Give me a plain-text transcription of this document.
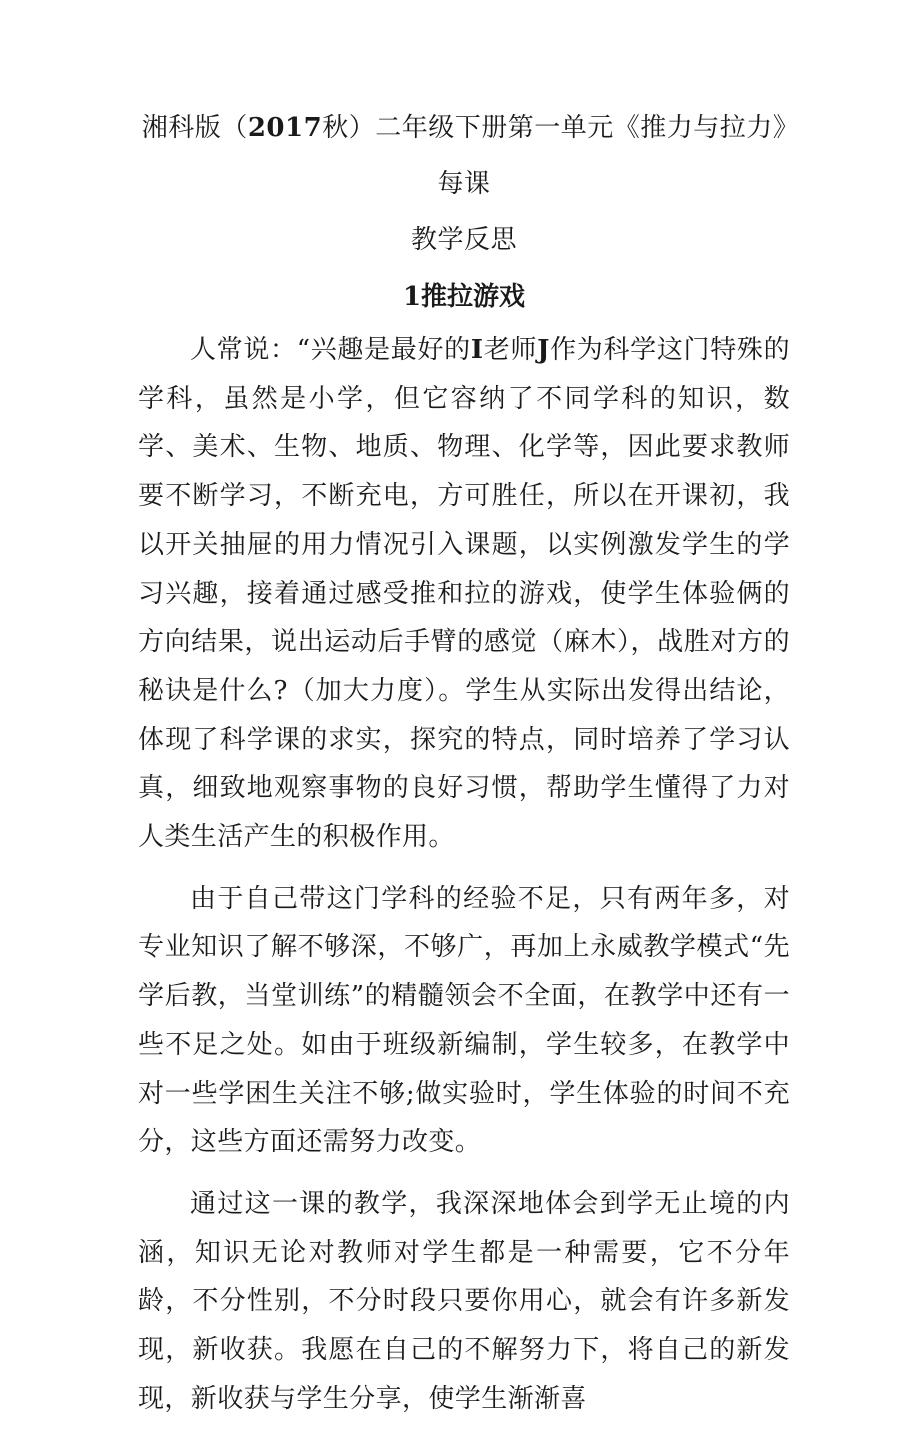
湘科版（2017秋）二年级下册第一单元《推力与拉力》每课
教学反思
1推拉游戏

人常说：“兴趣是最好的I老师J作为科学这门特殊的学科，虽然是小学，但它容纳了不同学科的知识，数学、美术、生物、地质、物理、化学等，因此要求教师要不断学习，不断充电，方可胜任，所以在开课初，我以开关抽屉的用力情况引入课题，以实例激发学生的学习兴趣，接着通过感受推和拉的游戏，使学生体验俩的方向结果，说出运动后手臂的感觉（麻木），战胜对方的秘诀是什么?（加大力度）。学生从实际出发得出结论，体现了科学课的求实，探究的特点，同时培养了学习认真，细致地观察事物的良好习惯，帮助学生懂得了力对人类生活产生的积极作用。

由于自己带这门学科的经验不足，只有两年多，对专业知识了解不够深，不够广，再加上永威教学模式“先学后教，当堂训练”的精髓领会不全面，在教学中还有一些不足之处。如由于班级新编制，学生较多，在教学中对一些学困生关注不够;做实验时，学生体验的时间不充分，这些方面还需努力改变。

通过这一课的教学，我深深地体会到学无止境的内涵，知识无论对教师对学生都是一种需要，它不分年龄，不分性别，不分时段只要你用心，就会有许多新发现，新收获。我愿在自己的不解努力下，将自己的新发现，新收获与学生分享，使学生渐渐喜
